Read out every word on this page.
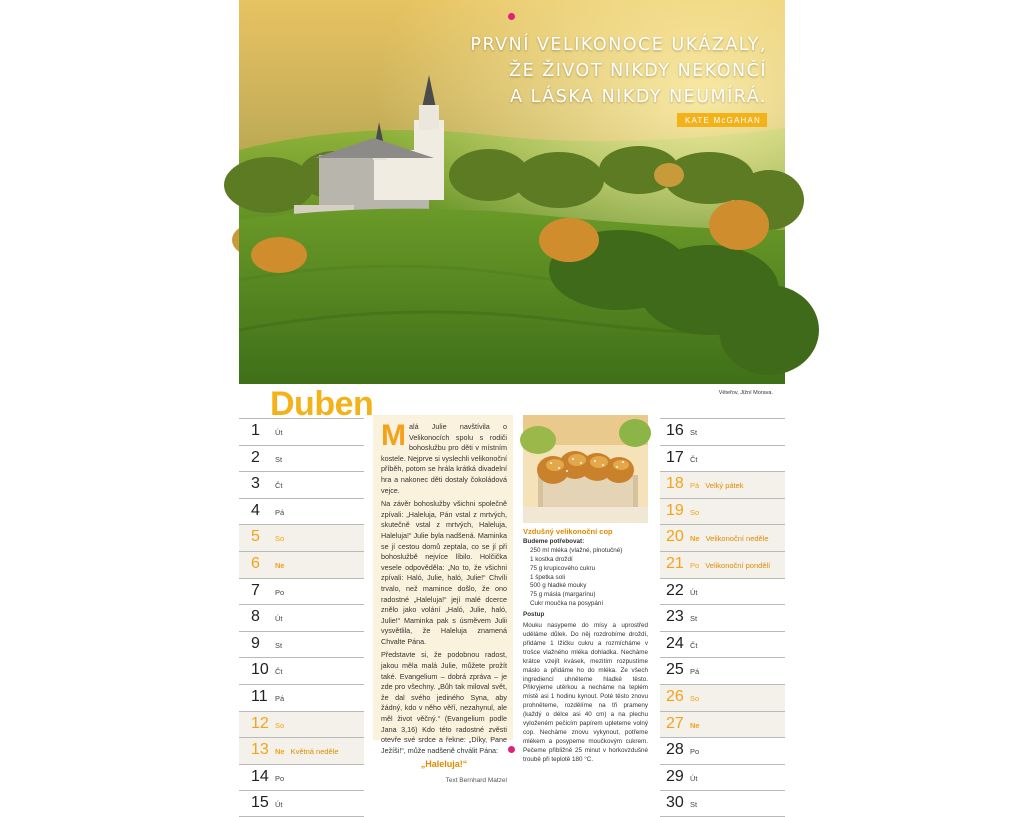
PRVNÍ VELIKONOCE UKÁZALY,
ŽE ŽIVOT NIKDY NEKONČÍ
A LÁSKA NIKDY NEUMÍRÁ.
KATE McGAHAN
Věteřov, Jižní Morava.
Duben
1	Út
2	St
3	Čt
4	Pá
5	So
6	Ne
7	Po
8	Út
9	St
10 Čt
11 Pá
12 So
13 Ne Květná neděle
14 Po
15 Út
16 St
17 Čt
18 Pá Velký pátek
19 So
20 Ne Velikonoční neděle
21 Po Velikonoční pondělí
22 Út
23 St
24 Čt
25 Pá
26 So
27 Ne
28 Po
29 Út
30 St

Malá Julie navštívila o Velikonocích spolu s rodiči bohoslužbu pro děti v místním kostele. Nejprve si vyslechli velikonoční příběh, potom se hrála krátká divadelní hra a nakonec děti dostaly čokoládová vejce.

Na závěr bohoslužby všichni společně zpívali: „Haleluja, Pán vstal z mrtvých, skutečně vstal z mrtvých, Haleluja, Haleluja!“ Julie byla nadšená. Maminka se jí cestou domů zeptala, co se jí při bohoslužbě nejvíce líbilo. Holčička vesele odpověděla: „No to, že všichni zpívali: Haló, Julie, haló, Julie!“ Chvíli trvalo, než mamince došlo, že ono radostné „Haleluja!“ její malé dcerce znělo jako volání „Haló, Julie, haló, Julie!“ Maminka pak s úsměvem Julii vysvětlila, že Haleluja znamená Chvalte Pána.

Představte si, že podobnou radost, jakou měla malá Julie, můžete prožít také. Evangelium – dobrá zpráva – je zde pro všechny. „Bůh tak miloval svět, že dal svého jediného Syna, aby žádný, kdo v něho věří, nezahynul, ale měl život věčný.“ (Evangelium podle Jana 3,16) Kdo této radostné zvěsti otevře své srdce a řekne: „Díky, Pane Ježíši!“, může nadšeně chválit Pána:

„Haleluja!“
Text Bernhard Matzel
Vzdušný velikonoční cop
Budeme potřebovat:
250 ml mléka (vlažné, plnotučné)
1 kostka droždí
75 g krupicového cukru
1 špetka soli
500 g hladké mouky
75 g másla (margarínu)
Cukr moučka na posypání
Postup
Mouku nasypeme do mísy a uprostřed uděláme důlek. Do něj rozdrobíme droždí, přidáme 1 lžičku cukru a rozmícháme v trošce vlažného mléka dohladka. Necháme krátce vzejít kvásek, mezitím rozpustíme máslo a přidáme ho do mléka. Ze všech ingrediencí uhněteme hladké těsto. Přikryjeme utěrkou a necháme na teplém místě asi 1 hodinu kynout. Poté těsto znovu prohněteme, rozdělíme na tři prameny (každý o délce asi 40 cm) a na plechu vyloženém pečicím papírem upleteme volný cop. Necháme znovu vykynout, potřeme mlékem a posypeme moučkovým cukrem. Pečeme přibližně 25 minut v horkovzdušné troubě při teplotě 180 °C.
